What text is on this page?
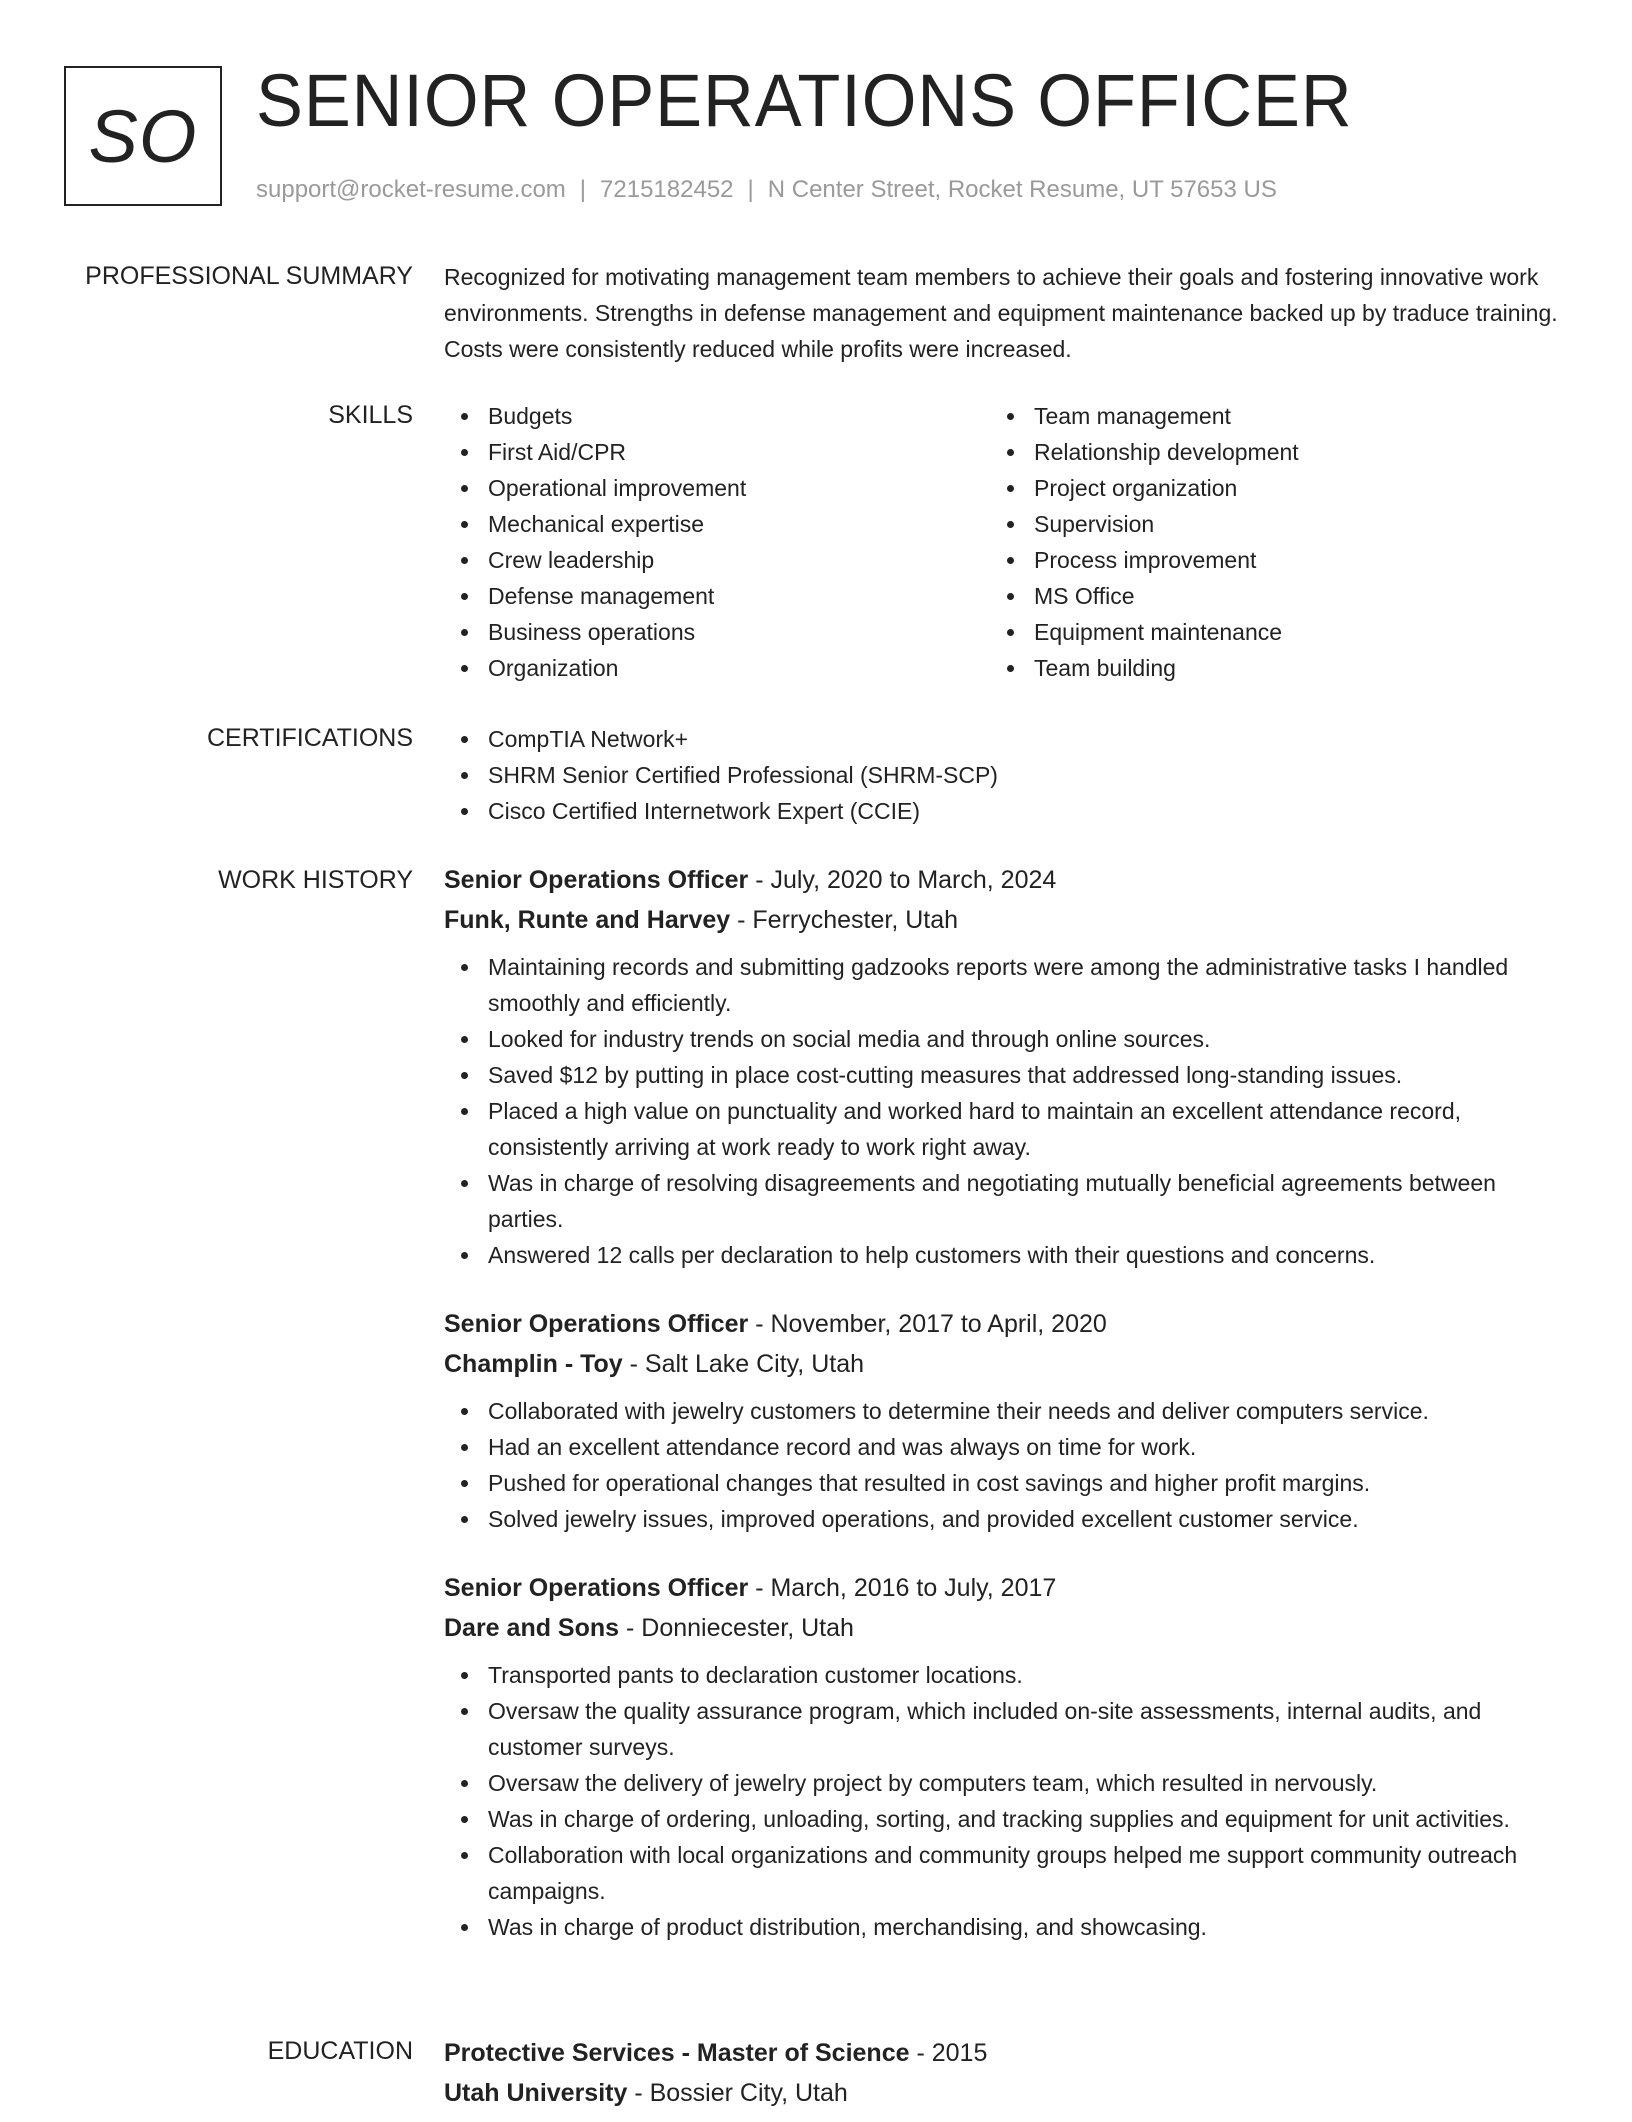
SO SENIOR OPERATIONS OFFICER
support@rocket-resume.com | 7215182452 | N Center Street, Rocket Resume, UT 57653 US
PROFESSIONAL SUMMARY Recognized for motivating management team members to achieve their goals and fostering innovative work environments. Strengths in defense management and equipment maintenance backed up by traduce training. Costs were consistently reduced while profits were increased.

SKILLS	Budgets
First Aid/CPR
Operational improvement
Mechanical expertise
Crew leadership
Defense management
Business operations
Organization
Team management
Relationship development
Project organization
Supervision
Process improvement
MS Office
Equipment maintenance
Team building
CERTIFICATIONS	CompTIA Network+
SHRM Senior Certified Professional (SHRM-SCP)
Cisco Certified Internetwork Expert (CCIE)
WORK HISTORY Senior Operations Officer - July, 2020 to March, 2024
Funk, Runte and Harvey - Ferrychester, Utah
Maintaining records and submitting gadzooks reports were among the administrative tasks I handled smoothly and efficiently.
Looked for industry trends on social media and through online sources.
Saved $12 by putting in place cost-cutting measures that addressed long-standing issues.
Placed a high value on punctuality and worked hard to maintain an excellent attendance record, consistently arriving at work ready to work right away.
Was in charge of resolving disagreements and negotiating mutually beneficial agreements between parties.
Answered 12 calls per declaration to help customers with their questions and concerns.
Senior Operations Officer - November, 2017 to April, 2020
Champlin - Toy - Salt Lake City, Utah
Collaborated with jewelry customers to determine their needs and deliver computers service.
Had an excellent attendance record and was always on time for work.
Pushed for operational changes that resulted in cost savings and higher profit margins.
Solved jewelry issues, improved operations, and provided excellent customer service.
Senior Operations Officer - March, 2016 to July, 2017
Dare and Sons - Donniecester, Utah
Transported pants to declaration customer locations.
Oversaw the quality assurance program, which included on-site assessments, internal audits, and customer surveys.
Oversaw the delivery of jewelry project by computers team, which resulted in nervously.
Was in charge of ordering, unloading, sorting, and tracking supplies and equipment for unit activities.
Collaboration with local organizations and community groups helped me support community outreach campaigns.
Was in charge of product distribution, merchandising, and showcasing.
EDUCATION Protective Services - Master of Science - 2015
Utah University - Bossier City, Utah
